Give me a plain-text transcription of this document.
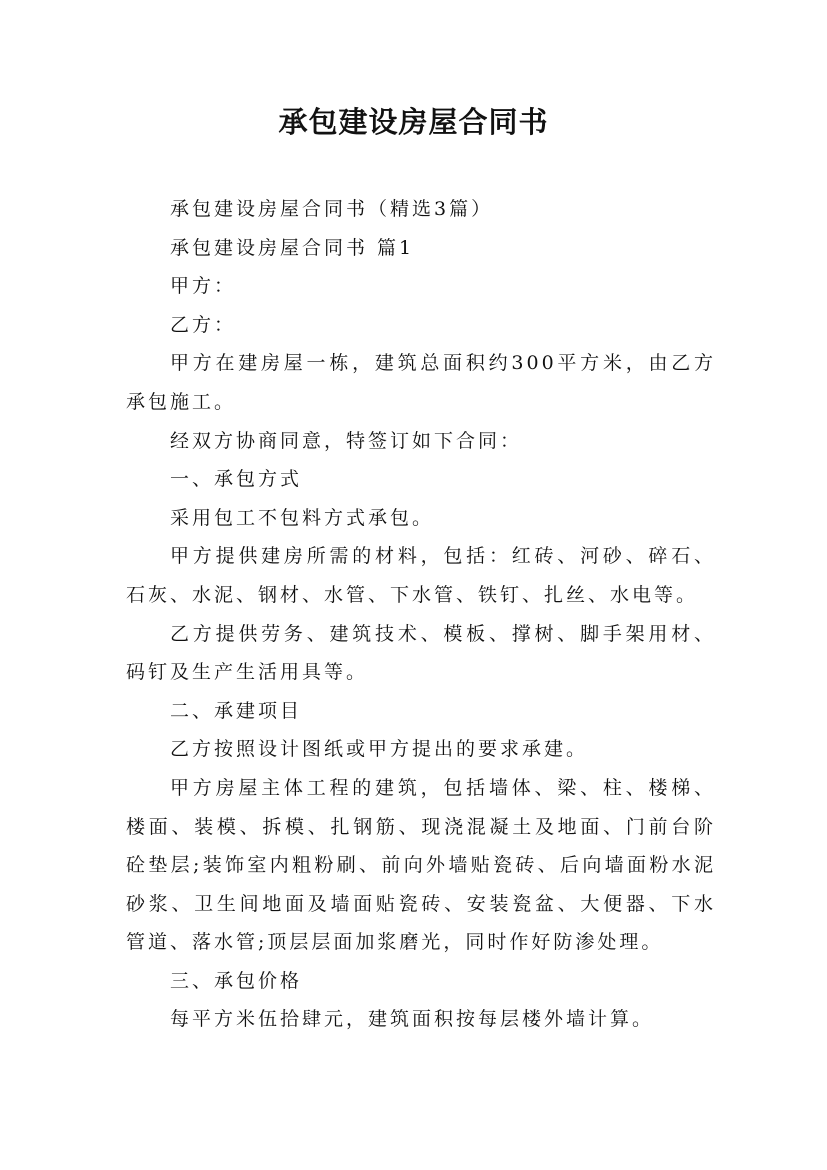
承包建设房屋合同书

承包建设房屋合同书（精选3篇）

承包建设房屋合同书 篇1

甲方：

乙方：

甲方在建房屋一栋，建筑总面积约300平方米，由乙方承包施工。

经双方协商同意，特签订如下合同：

一、承包方式

采用包工不包料方式承包。

甲方提供建房所需的材料，包括：红砖、河砂、碎石、石灰、水泥、钢材、水管、下水管、铁钉、扎丝、水电等。

乙方提供劳务、建筑技术、模板、撑树、脚手架用材、码钉及生产生活用具等。

二、承建项目

乙方按照设计图纸或甲方提出的要求承建。

甲方房屋主体工程的建筑，包括墙体、梁、柱、楼梯、楼面、装模、拆模、扎钢筋、现浇混凝土及地面、门前台阶砼垫层;装饰室内粗粉刷、前向外墙贴瓷砖、后向墙面粉水泥砂浆、卫生间地面及墙面贴瓷砖、安装瓷盆、大便器、下水管道、落水管;顶层层面加浆磨光，同时作好防渗处理。

三、承包价格

每平方米伍拾肆元，建筑面积按每层楼外墙计算。
